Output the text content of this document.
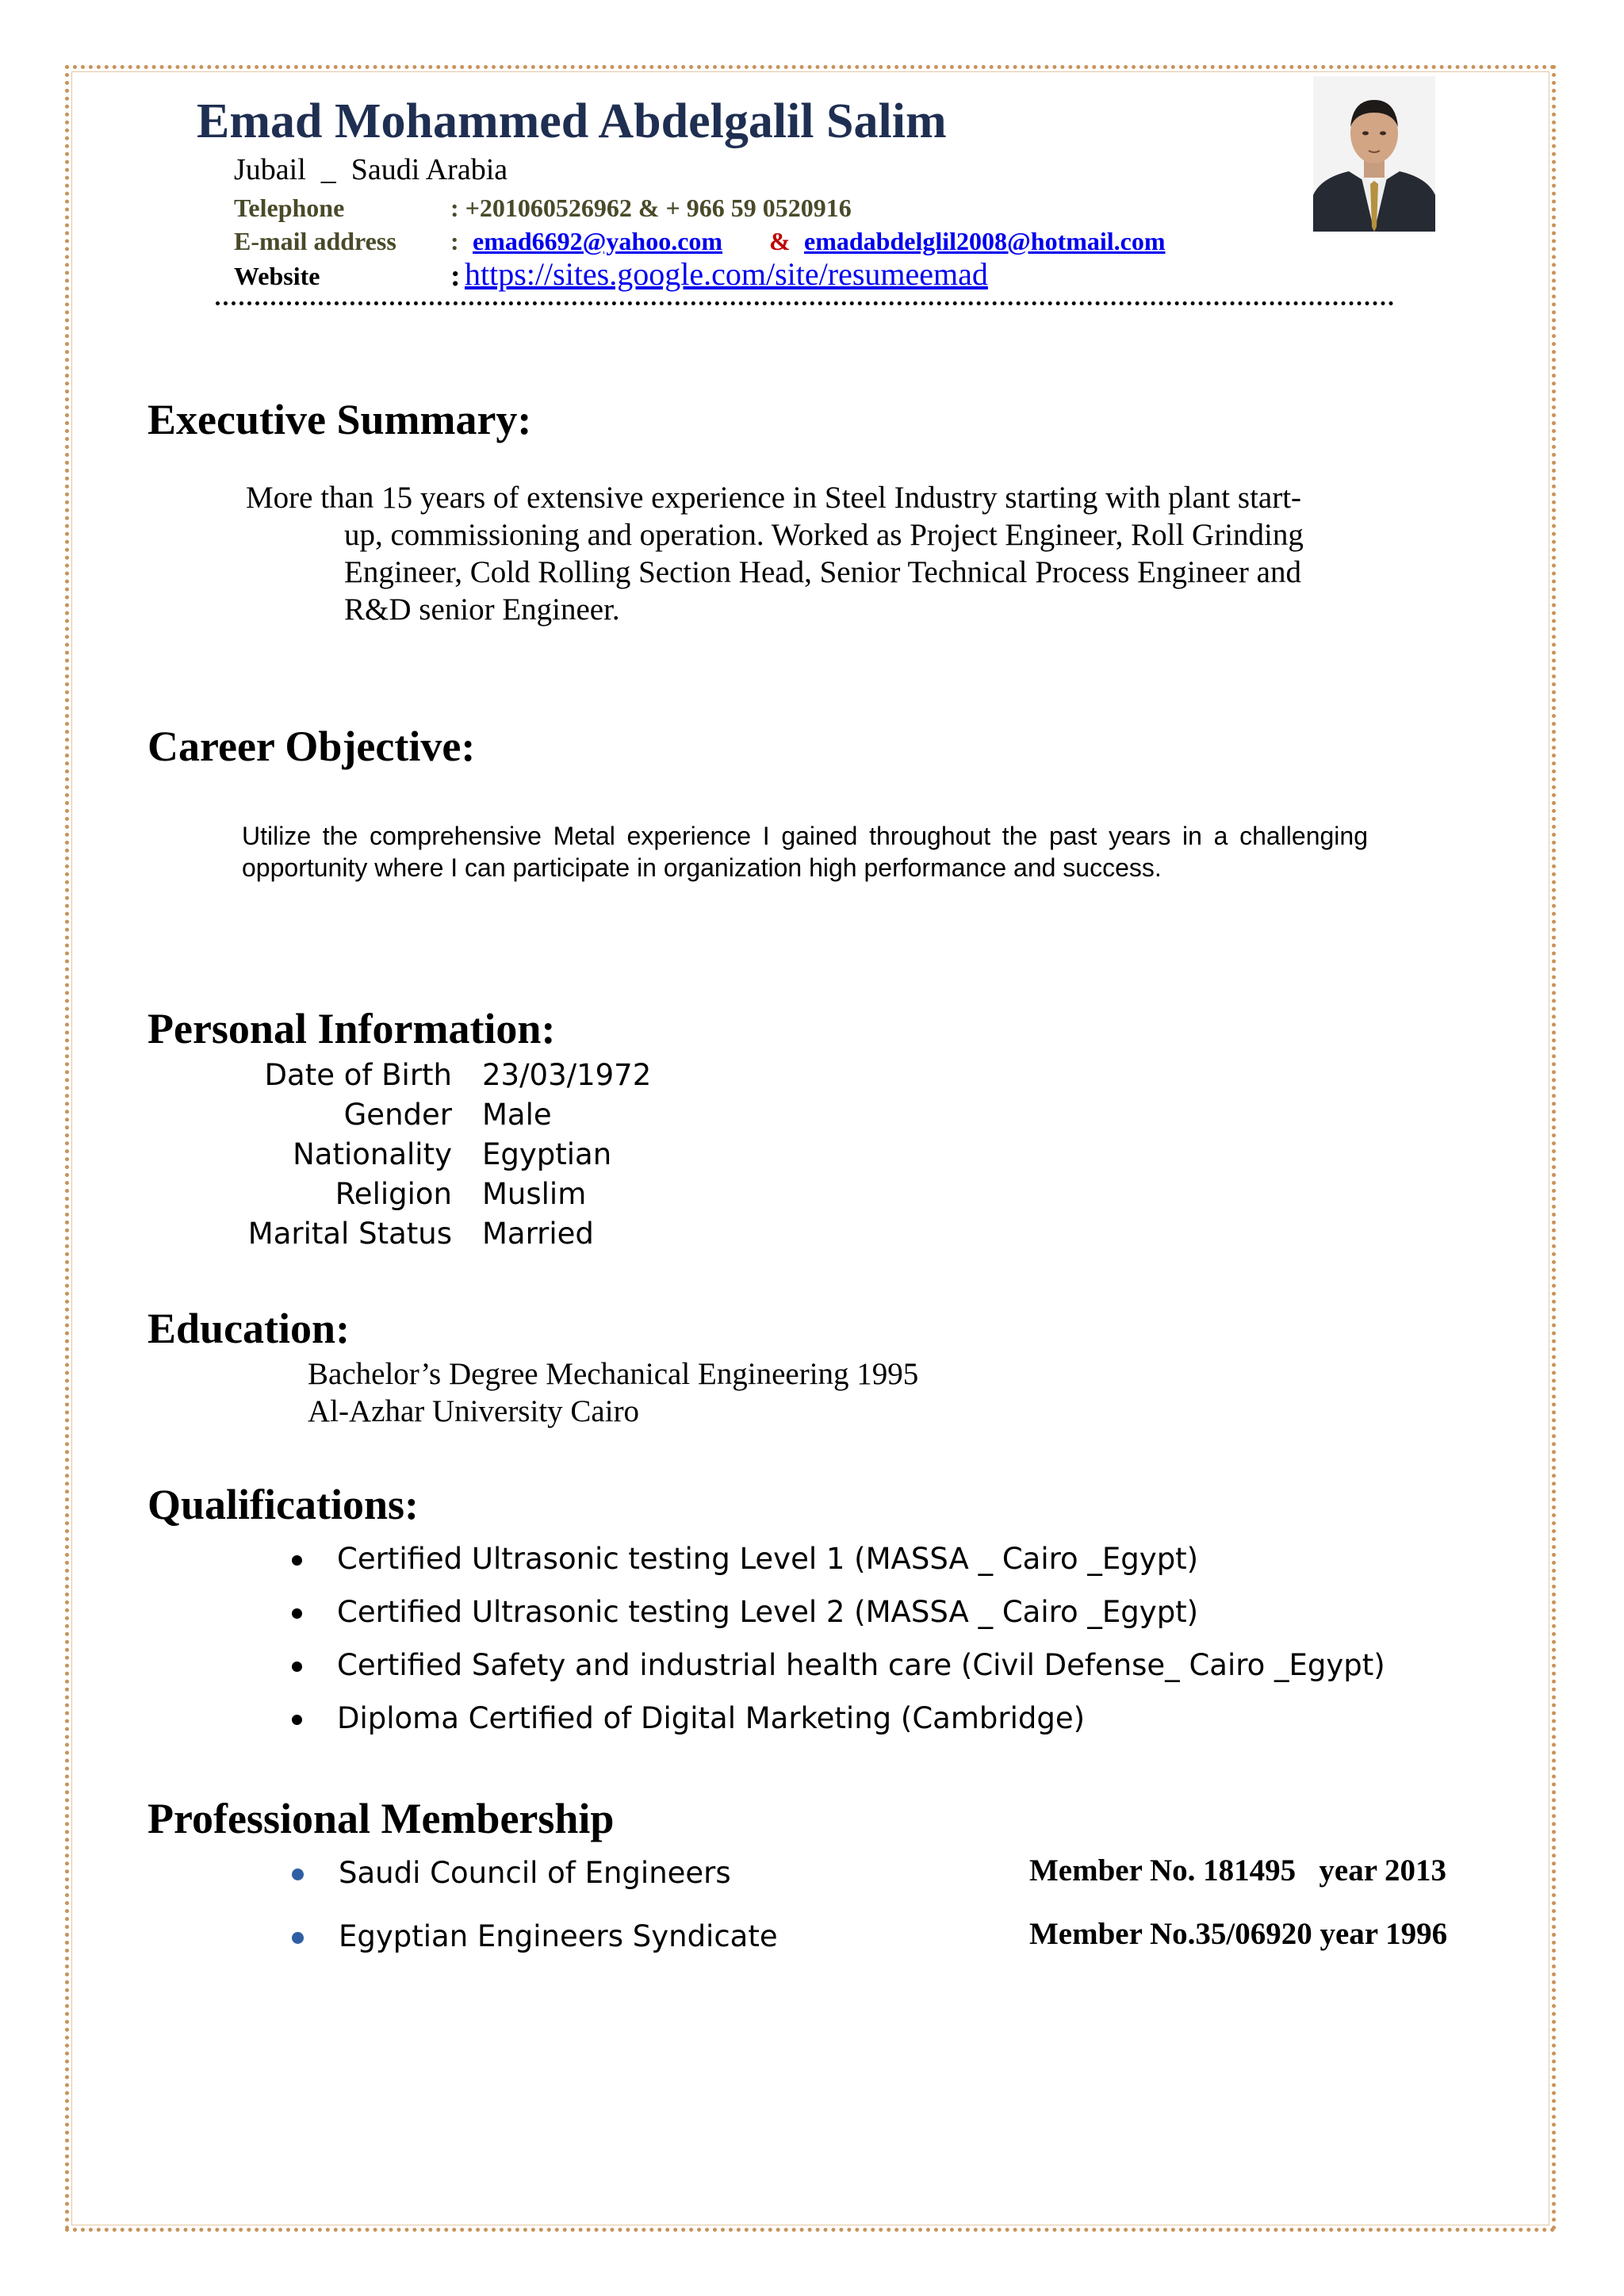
Emad Mohammed Abdelgalil Salim
Jubail  _  Saudi Arabia
Telephone	: +201060526962 & + 966 59 0520916
E-mail address : emad6692@yahoo.com & emadabdelglil2008@hotmail.com
Website	: https://sites.google.com/site/resumeemad
Executive Summary:

More than 15 years of extensive experience in Steel Industry starting with plant start-up, commissioning and operation. Worked as Project Engineer, Roll Grinding Engineer, Cold Rolling Section Head, Senior Technical Process Engineer and R&D senior Engineer.

Career Objective:
Utilize the comprehensive Metal experience I gained throughout the past years in a challenging opportunity where I can participate in organization high performance and success.
Personal Information:
Date of Birth 23/03/1972
Gender Male
Nationality Egyptian
Religion Muslim
Marital Status Married
Education:
Bachelor’s Degree Mechanical Engineering 1995
Al-Azhar University Cairo
Qualifications:
Certified Ultrasonic testing Level 1 (MASSA _ Cairo _Egypt)
Certified Ultrasonic testing Level 2 (MASSA _ Cairo _Egypt)
Certified Safety and industrial health care (Civil Defense_ Cairo _Egypt)
Diploma Certified of Digital Marketing (Cambridge)
Professional Membership
Saudi Council of Engineers	Member No. 181495   year 2013
Egyptian Engineers Syndicate	Member No.35/06920 year 1996
